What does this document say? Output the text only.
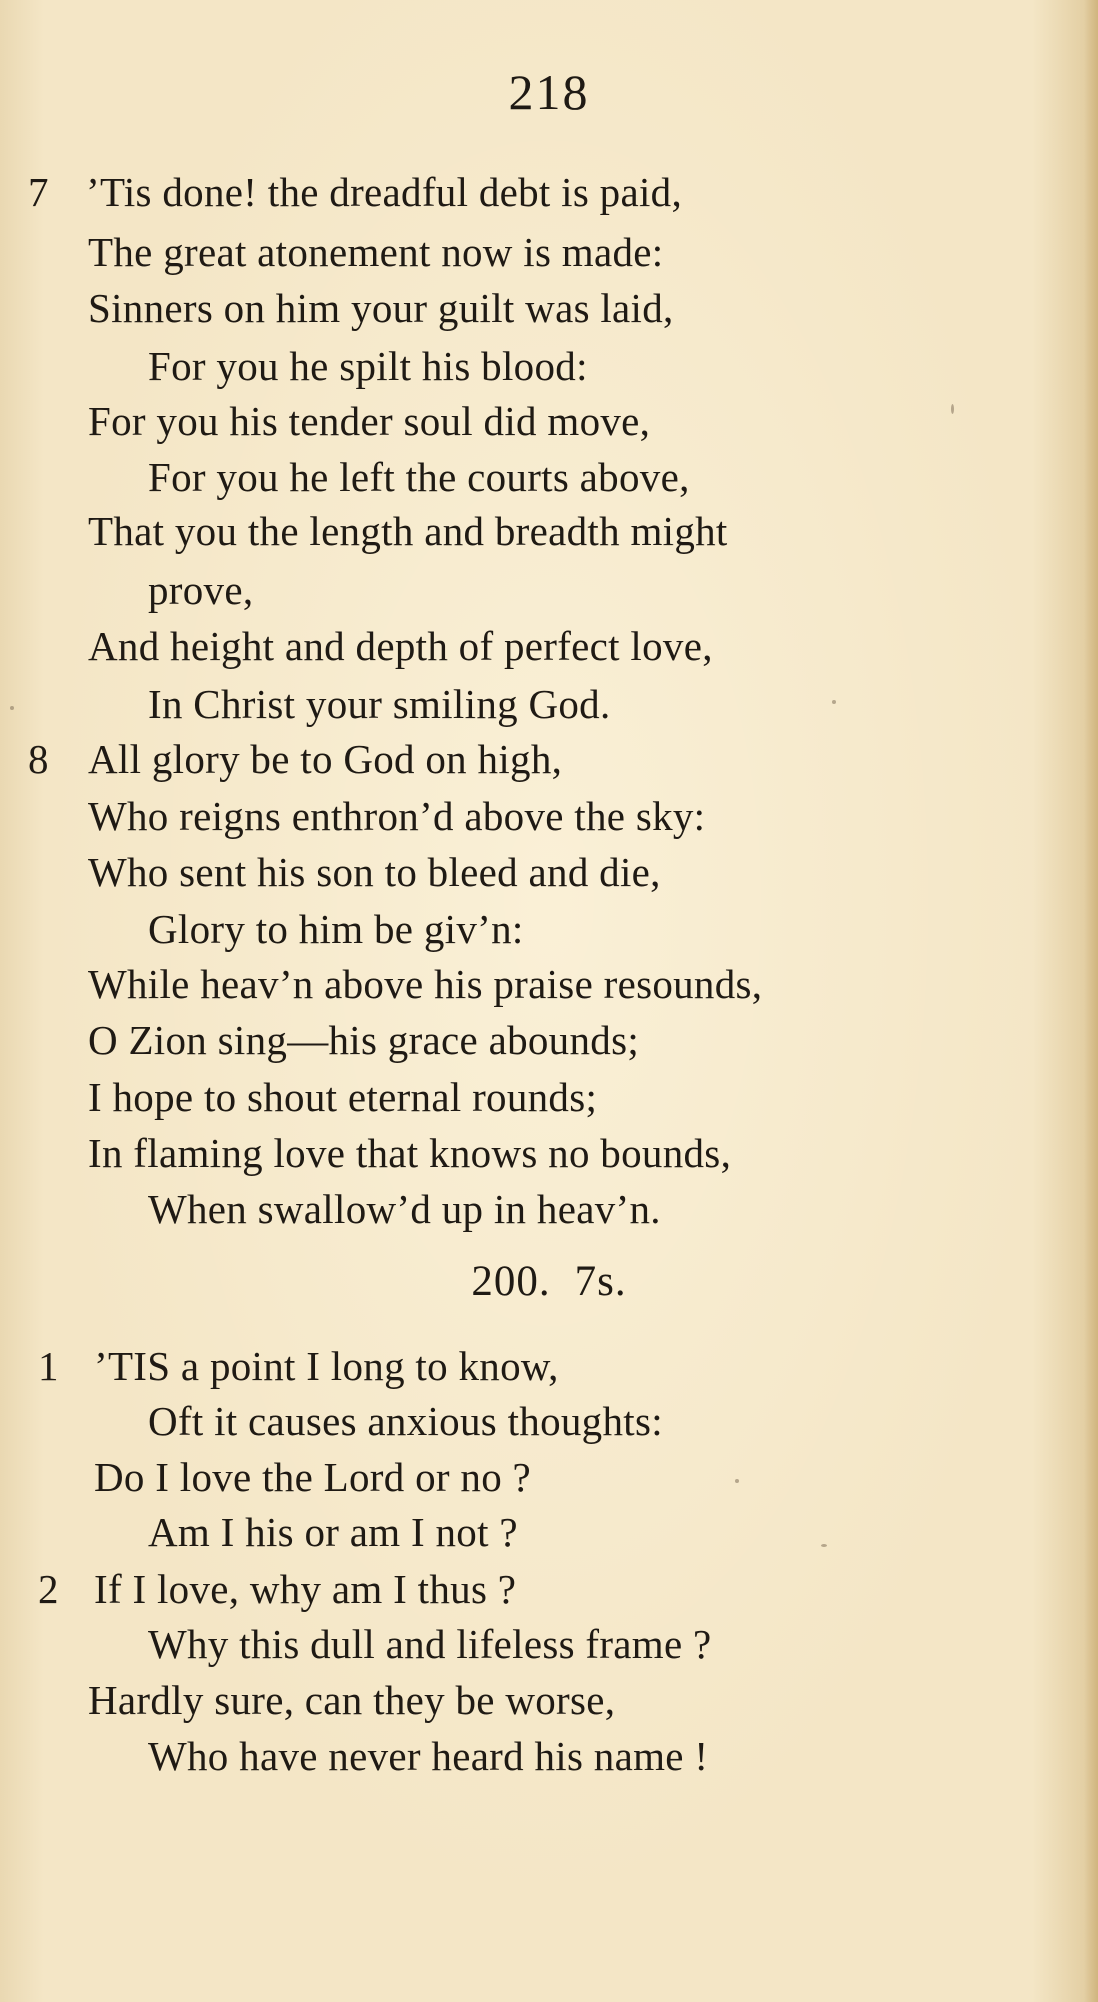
218
7 ’Tis done! the dreadful debt is paid,
The great atonement now is made:
Sinners on him your guilt was laid,
For you he spilt his blood:
For you his tender soul did move,
For you he left the courts above,
That you the length and breadth might
prove,
And height and depth of perfect love,
In Christ your smiling God.
8 All glory be to God on high,
Who reigns enthron’d above the sky:
Who sent his son to bleed and die,
Glory to him be giv’n:
While heav’n above his praise resounds,
O Zion sing—his grace abounds;
I hope to shout eternal rounds;
In flaming love that knows no bounds,
When swallow’d up in heav’n.
200. 7s.
1 ’TIS a point I long to know,
Oft it causes anxious thoughts:
Do I love the Lord or no ?
Am I his or am I not ?
2 If I love, why am I thus ?
Why this dull and lifeless frame ?
Hardly sure, can they be worse,
Who have never heard his name !
